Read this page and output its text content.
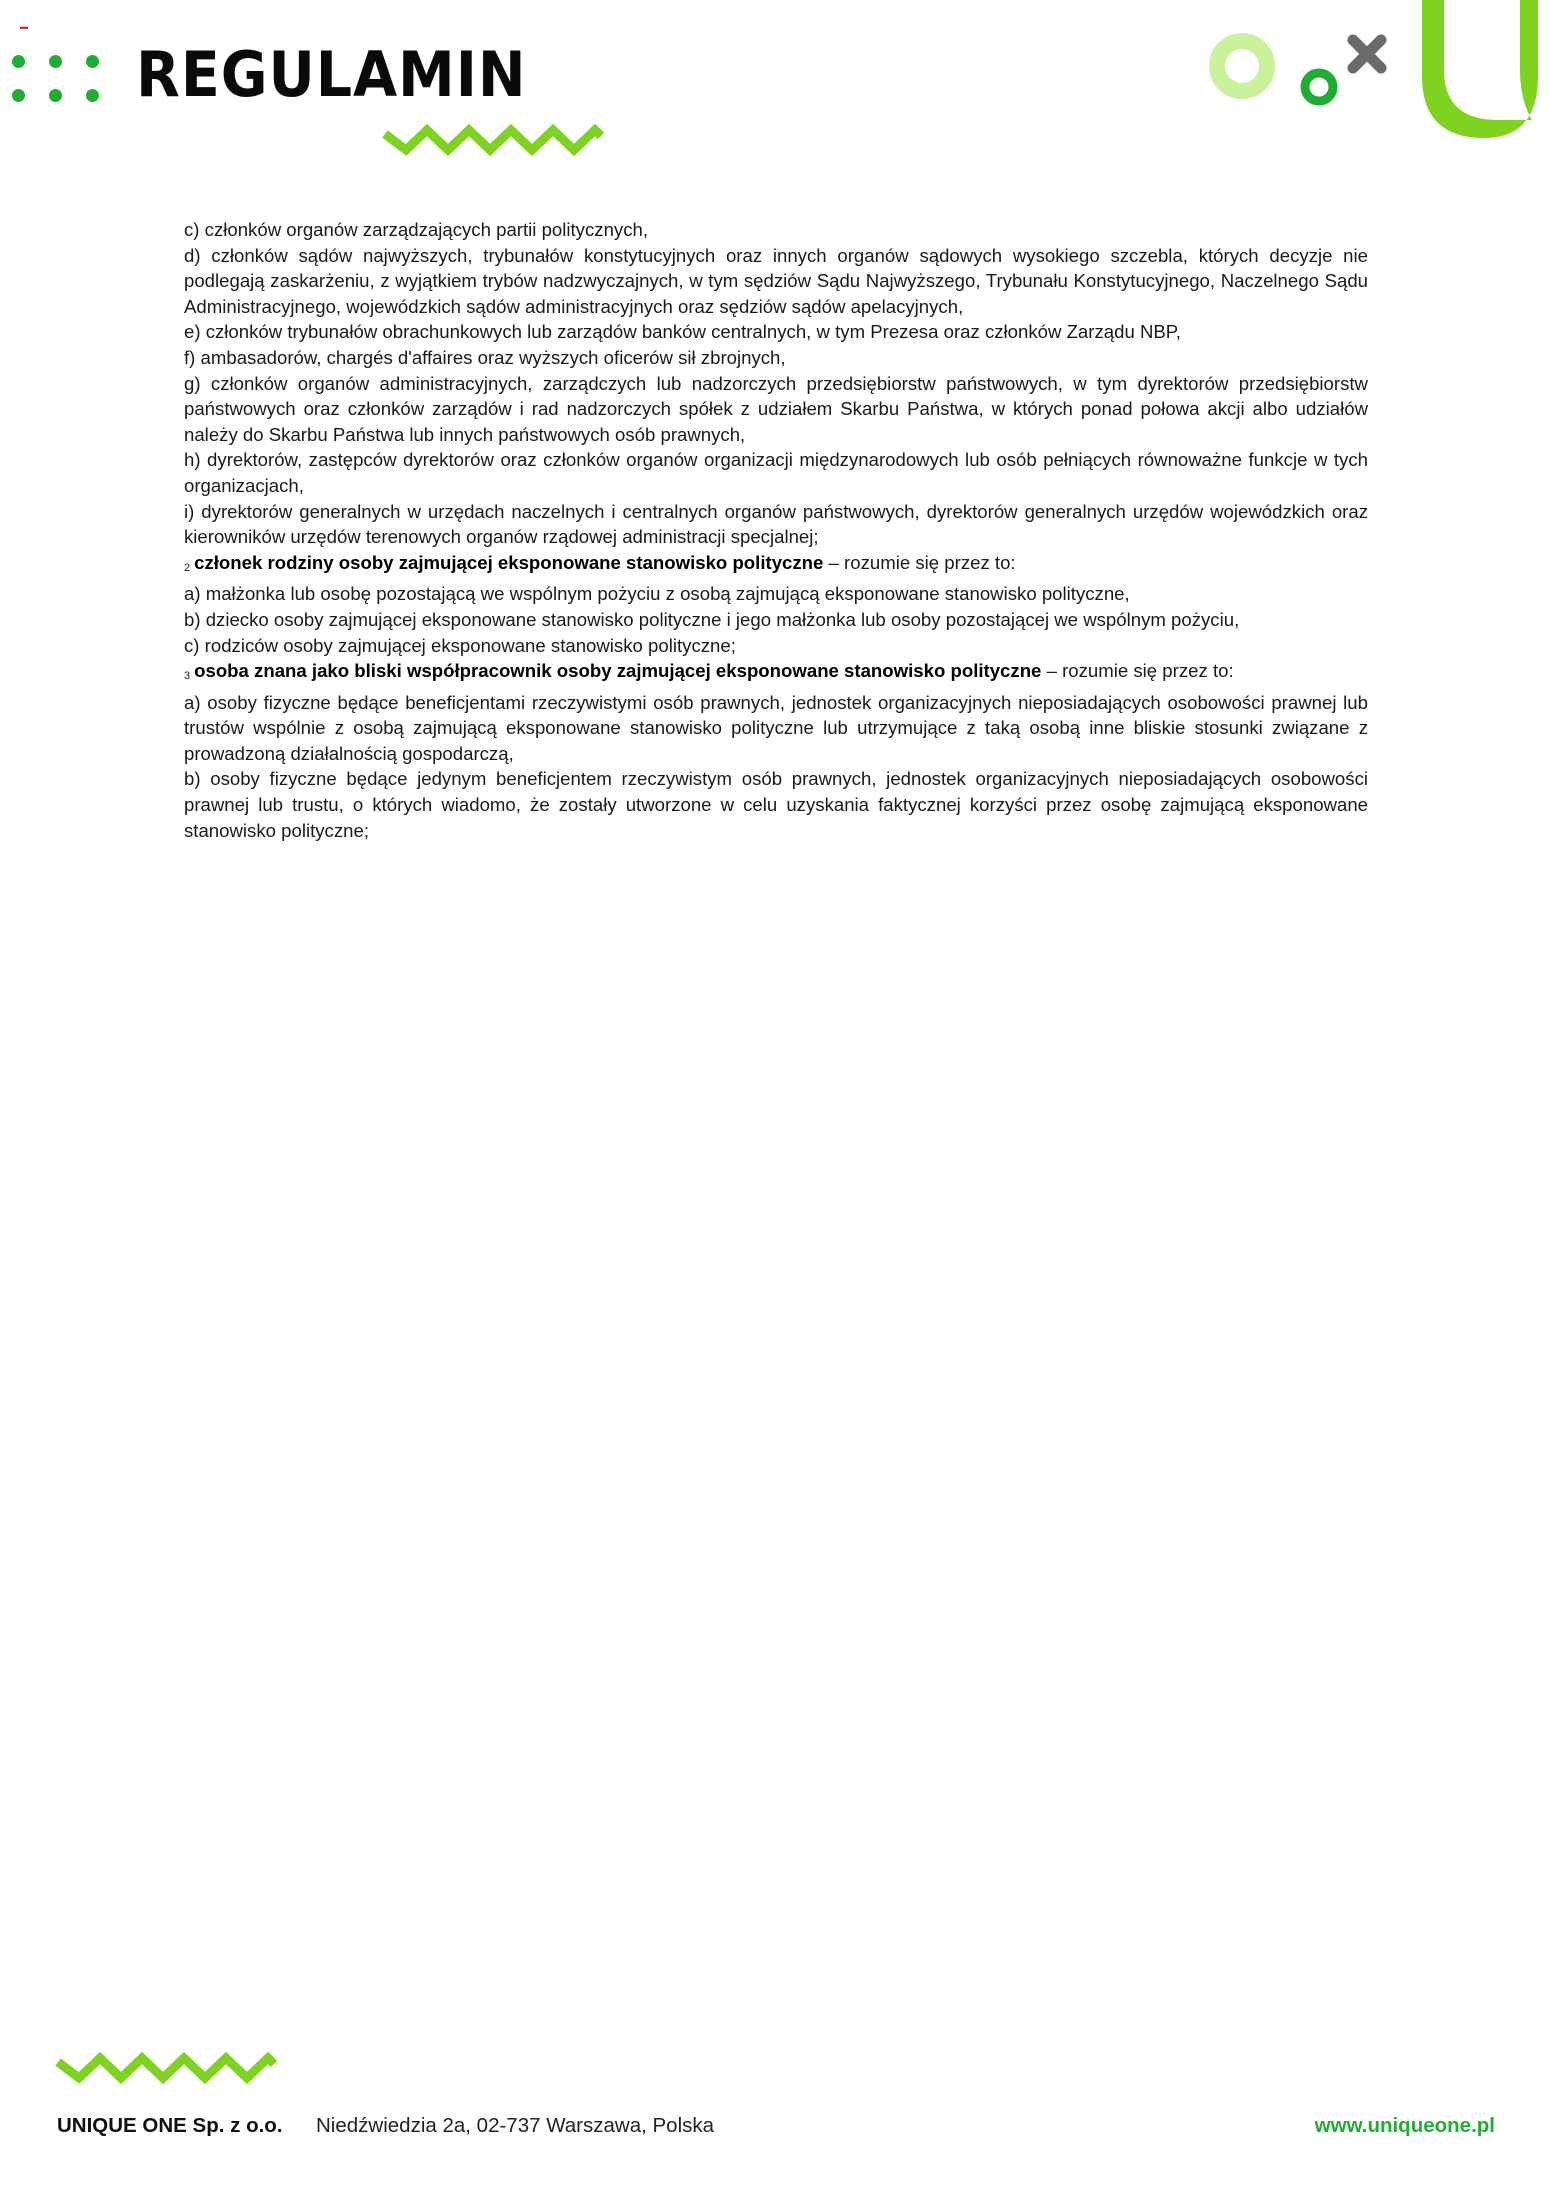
▬
REGULAMIN

c) członków organów zarządzających partii politycznych,

d) członków sądów najwyższych, trybunałów konstytucyjnych oraz innych organów sądowych wysokiego szczebla, których decyzje nie podlegają zaskarżeniu, z wyjątkiem trybów nadzwyczajnych, w tym sędziów Sądu Najwyższego, Trybunału Konstytucyjnego, Naczelnego Sądu Administracyjnego, wojewódzkich sądów administracyjnych oraz sędziów sądów apelacyjnych,

e) członków trybunałów obrachunkowych lub zarządów banków centralnych, w tym Prezesa oraz członków Zarządu NBP,

f) ambasadorów, chargés d'affaires oraz wyższych oficerów sił zbrojnych,

g) członków organów administracyjnych, zarządczych lub nadzorczych przedsiębiorstw państwowych, w tym dyrektorów przedsiębiorstw państwowych oraz członków zarządów i rad nadzorczych spółek z udziałem Skarbu Państwa, w których ponad połowa akcji albo udziałów należy do Skarbu Państwa lub innych państwowych osób prawnych,

h) dyrektorów, zastępców dyrektorów oraz członków organów organizacji międzynarodowych lub osób pełniących równoważne funkcje w tych organizacjach,

i) dyrektorów generalnych w urzędach naczelnych i centralnych organów państwowych, dyrektorów generalnych urzędów wojewódzkich oraz kierowników urzędów terenowych organów rządowej administracji specjalnej;

2 członek rodziny osoby zajmującej eksponowane stanowisko polityczne – rozumie się przez to:

a) małżonka lub osobę pozostającą we wspólnym pożyciu z osobą zajmującą eksponowane stanowisko polityczne,

b) dziecko osoby zajmującej eksponowane stanowisko polityczne i jego małżonka lub osoby pozostającej we wspólnym pożyciu,

c) rodziców osoby zajmującej eksponowane stanowisko polityczne;

3 osoba znana jako bliski współpracownik osoby zajmującej eksponowane stanowisko polityczne – rozumie się przez to:

a) osoby fizyczne będące beneficjentami rzeczywistymi osób prawnych, jednostek organizacyjnych nieposiadających osobowości prawnej lub trustów wspólnie z osobą zajmującą eksponowane stanowisko polityczne lub utrzymujące z taką osobą inne bliskie stosunki związane z prowadzoną działalnością gospodarczą,

b) osoby fizyczne będące jedynym beneficjentem rzeczywistym osób prawnych, jednostek organizacyjnych nieposiadających osobowości prawnej lub trustu, o których wiadomo, że zostały utworzone w celu uzyskania faktycznej korzyści przez osobę zajmującą eksponowane stanowisko polityczne;

UNIQUE ONE Sp. z o.o. Niedźwiedzia 2a, 02-737 Warszawa, Polska	www.uniqueone.pl
